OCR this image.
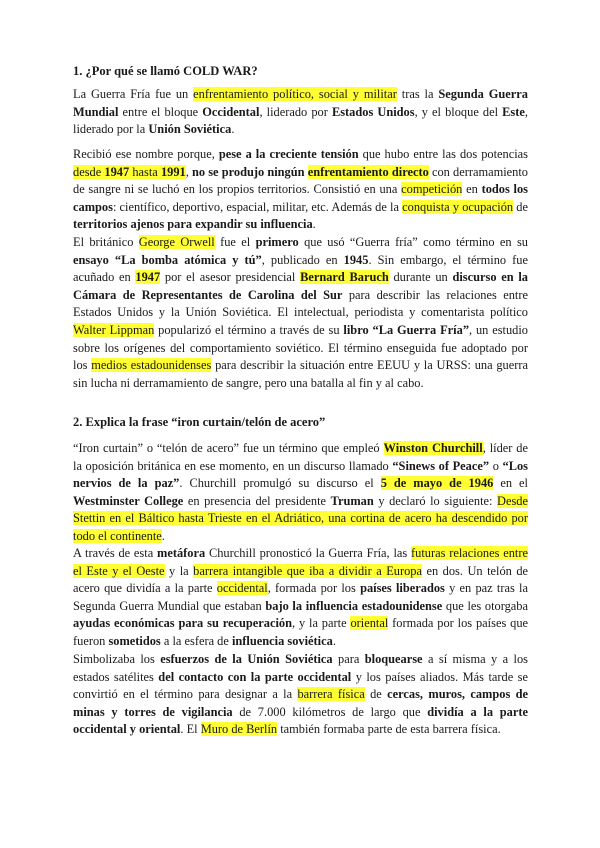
1. ¿Por qué se llamó COLD WAR?

La Guerra Fría fue un enfrentamiento político, social y militar tras la Segunda Guerra Mundial entre el bloque Occidental, liderado por Estados Unidos, y el bloque del Este, liderado por la Unión Soviética.

Recibió ese nombre porque, pese a la creciente tensión que hubo entre las dos potencias desde 1947 hasta 1991, no se produjo ningún enfrentamiento directo con derramamiento de sangre ni se luchó en los propios territorios. Consistió en una competición en todos los campos: científico, deportivo, espacial, militar, etc. Además de la conquista y ocupación de territorios ajenos para expandir su influencia.

El británico George Orwell fue el primero que usó “Guerra fría” como término en su ensayo “La bomba atómica y tú”, publicado en 1945. Sin embargo, el término fue acuñado en 1947 por el asesor presidencial Bernard Baruch durante un discurso en la Cámara de Representantes de Carolina del Sur para describir las relaciones entre Estados Unidos y la Unión Soviética. El intelectual, periodista y comentarista político Walter Lippman popularizó el término a través de su libro “La Guerra Fría”, un estudio sobre los orígenes del comportamiento soviético. El término enseguida fue adoptado por los medios estadounidenses para describir la situación entre EEUU y la URSS: una guerra sin lucha ni derramamiento de sangre, pero una batalla al fin y al cabo.

2. Explica la frase “iron curtain/telón de acero”

“Iron curtain” o “telón de acero” fue un término que empleó Winston Churchill, líder de la oposición británica en ese momento, en un discurso llamado “Sinews of Peace” o “Los nervios de la paz”. Churchill promulgó su discurso el 5 de mayo de 1946 en el Westminster College en presencia del presidente Truman y declaró lo siguiente: Desde Stettin en el Báltico hasta Trieste en el Adriático, una cortina de acero ha descendido por todo el continente.

A través de esta metáfora Churchill pronosticó la Guerra Fría, las futuras relaciones entre el Este y el Oeste y la barrera intangible que iba a dividir a Europa en dos. Un telón de acero que dividía a la parte occidental, formada por los países liberados y en paz tras la Segunda Guerra Mundial que estaban bajo la influencia estadounidense que les otorgaba ayudas económicas para su recuperación, y la parte oriental formada por los países que fueron sometidos a la esfera de influencia soviética.

Simbolizaba los esfuerzos de la Unión Soviética para bloquearse a sí misma y a los estados satélites del contacto con la parte occidental y los países aliados. Más tarde se convirtió en el término para designar a la barrera física de cercas, muros, campos de minas y torres de vigilancia de 7.000 kilómetros de largo que dividía a la parte occidental y oriental. El Muro de Berlín también formaba parte de esta barrera física.
